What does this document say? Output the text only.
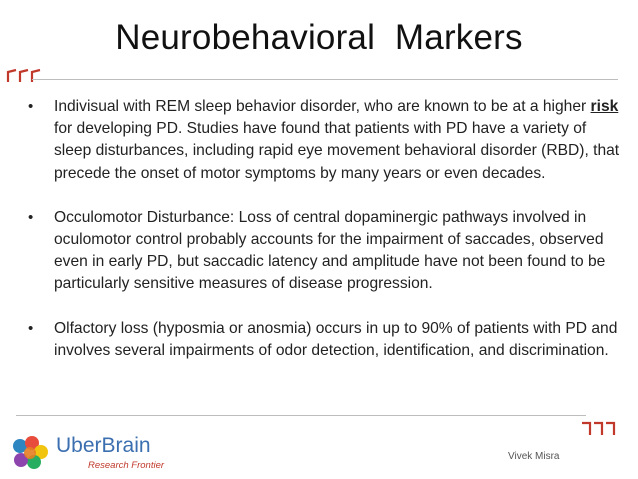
Neurobehavioral  Markers
• Indivisual with REM sleep behavior disorder, who are known to be at a higher risk for developing PD. Studies have found that patients with PD have a variety of sleep disturbances, including rapid eye movement behavioral disorder (RBD), that precede the onset of motor symptoms by many years or even decades.
• Occulomotor Disturbance: Loss of central dopaminergic pathways involved in oculomotor control probably accounts for the impairment of saccades, observed even in early PD, but saccadic latency and amplitude have not been found to be particularly sensitive measures of disease progression.
• Olfactory loss (hyposmia or anosmia) occurs in up to 90% of patients with PD and involves several impairments of odor detection, identification, and discrimination.
UberBrain
Research Frontier
Vivek Misra
